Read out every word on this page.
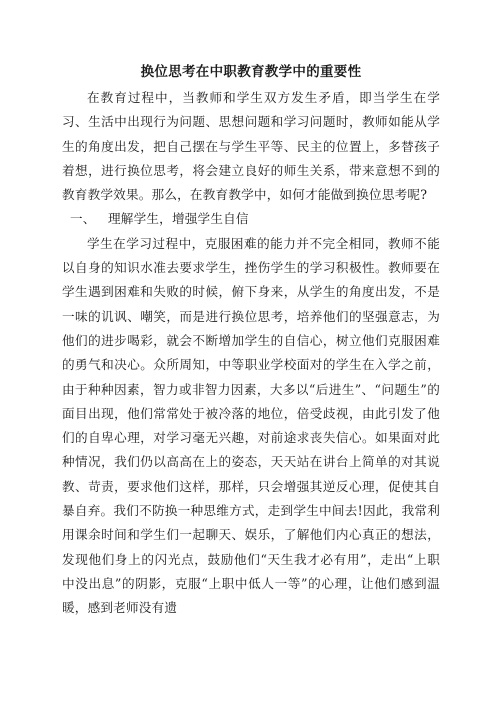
换位思考在中职教育教学中的重要性

在教育过程中，当教师和学生双方发生矛盾，即当学生在学习、生活中出现行为问题、思想问题和学习问题时，教师如能从学生的角度出发，把自己摆在与学生平等、民主的位置上，多替孩子着想，进行换位思考，将会建立良好的师生关系，带来意想不到的教育教学效果。那么，在教育教学中，如何才能做到换位思考呢?

一、 理解学生，增强学生自信

学生在学习过程中，克服困难的能力并不完全相同，教师不能以自身的知识水准去要求学生，挫伤学生的学习积极性。教师要在学生遇到困难和失败的时候，俯下身来，从学生的角度出发，不是一味的讥讽、嘲笑，而是进行换位思考，培养他们的坚强意志，为他们的进步喝彩，就会不断增加学生的自信心，树立他们克服困难的勇气和决心。众所周知，中等职业学校面对的学生在入学之前，由于种种因素，智力或非智力因素，大多以“后进生”、“问题生”的面目出现，他们常常处于被冷落的地位，倍受歧视，由此引发了他们的自卑心理，对学习毫无兴趣，对前途求丧失信心。如果面对此种情况，我们仍以高高在上的姿态，天天站在讲台上简单的对其说教、苛责，要求他们这样，那样，只会增强其逆反心理，促使其自暴自弃。我们不防换一种思维方式，走到学生中间去!因此，我常利用课余时间和学生们一起聊天、娱乐，了解他们内心真正的想法，发现他们身上的闪光点，鼓励他们“天生我才必有用”，走出“上职中没出息”的阴影，克服“上职中低人一等”的心理，让他们感到温暖，感到老师没有遗
